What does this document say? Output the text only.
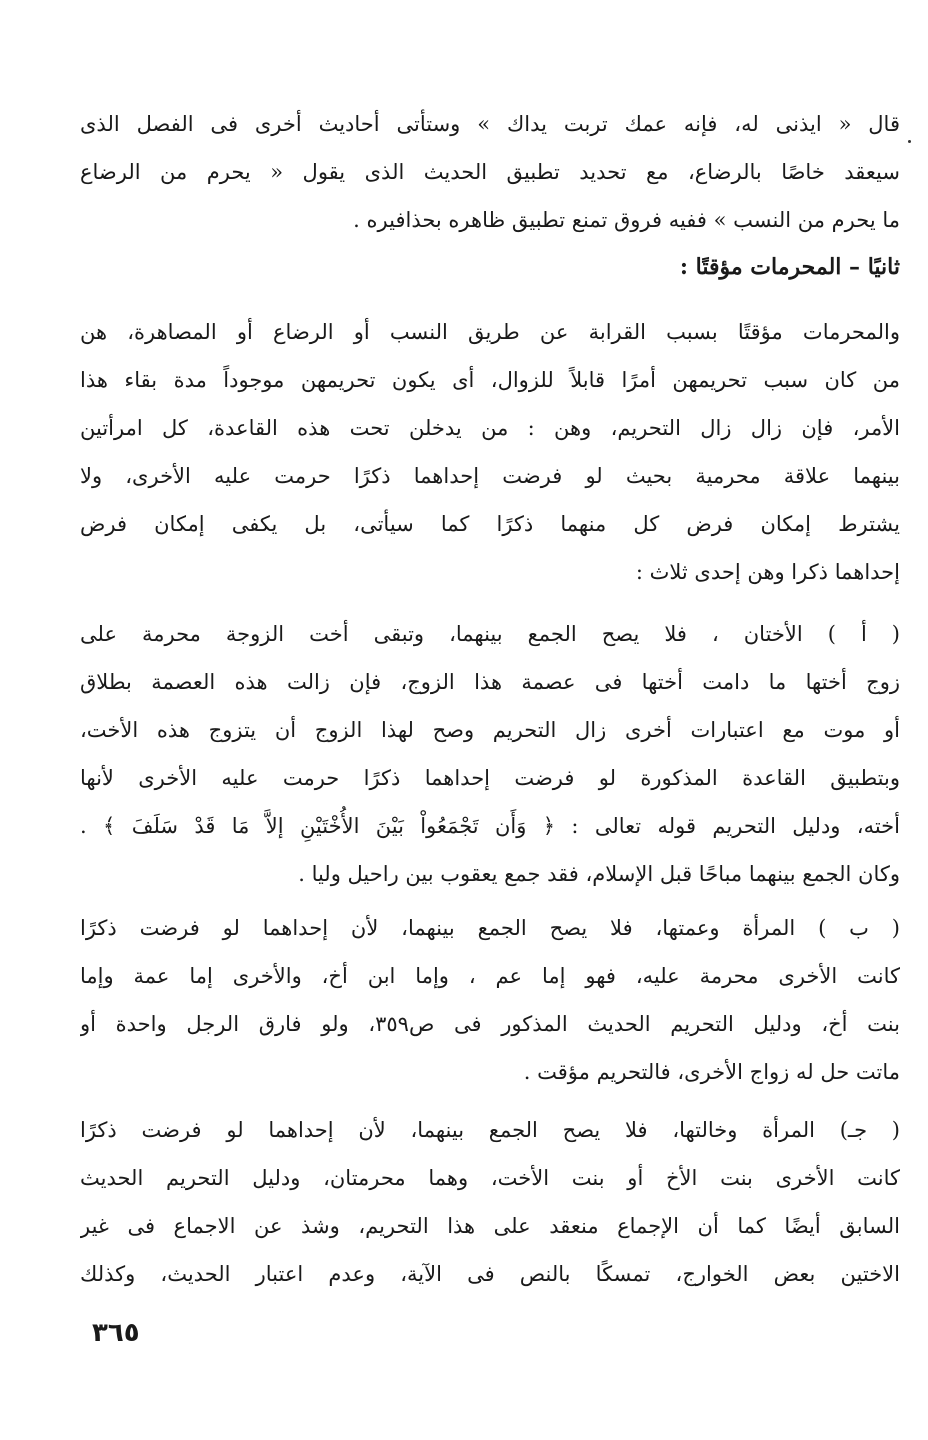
قال « ايذنى له، فإنه عمك تربت يداك » وستأتى أحاديث أخرى فى الفصل الذى
سيعقد خاصًا بالرضاع، مع تحديد تطبيق الحديث الذى يقول « يحرم من الرضاع
ما يحرم من النسب » ففيه فروق تمنع تطبيق ظاهره بحذافيره .
ثانيًا – المحرمات مؤقتًا :
والمحرمات مؤقتًا بسبب القرابة عن طريق النسب أو الرضاع أو المصاهرة، هن
من كان سبب تحريمهن أمرًا قابلاً للزوال، أى يكون تحريمهن موجوداً مدة بقاء هذا
الأمر، فإن زال زال التحريم، وهن : من يدخلن تحت هذه القاعدة، كل امرأتين
بينهما علاقة محرمية بحيث لو فرضت إحداهما ذكرًا حرمت عليه الأخرى، ولا
يشترط إمكان فرض كل منهما ذكرًا كما سيأتى، بل يكفى إمكان فرض
إحداهما ذكرا وهن إحدى ثلاث :
( أ ) الأختان ، فلا يصح الجمع بينهما، وتبقى أخت الزوجة محرمة على
زوج أختها ما دامت أختها فى عصمة هذا الزوج، فإن زالت هذه العصمة بطلاق
أو موت مع اعتبارات أخرى زال التحريم وصح لهذا الزوج أن يتزوج هذه الأخت،
وبتطبيق القاعدة المذكورة لو فرضت إحداهما ذكرًا حرمت عليه الأخرى لأنها
أخته، ودليل التحريم قوله تعالى : ﴿ وَأَن تَجْمَعُواْ بَيْنَ الأُخْتَيْنِ إلاَّ مَا قَدْ سَلَفَ ﴾ .
وكان الجمع بينهما مباحًا قبل الإسلام، فقد جمع يعقوب بين راحيل وليا .
( ب ) المرأة وعمتها، فلا يصح الجمع بينهما، لأن إحداهما لو فرضت ذكرًا
كانت الأخرى محرمة عليه، فهو إما عم ، وإما ابن أخ، والأخرى إما عمة وإما
بنت أخ، ودليل التحريم الحديث المذكور فى ص٣٥٩، ولو فارق الرجل واحدة أو
ماتت حل له زواج الأخرى، فالتحريم مؤقت .
( جـ) المرأة وخالتها، فلا يصح الجمع بينهما، لأن إحداهما لو فرضت ذكرًا
كانت الأخرى بنت الأخ أو بنت الأخت، وهما محرمتان، ودليل التحريم الحديث
السابق أيضًا كما أن الإجماع منعقد على هذا التحريم، وشذ عن الاجماع فى غير
الاختين بعض الخوارج، تمسكًا بالنص فى الآية، وعدم اعتبار الحديث، وكذلك
٣٦٥
